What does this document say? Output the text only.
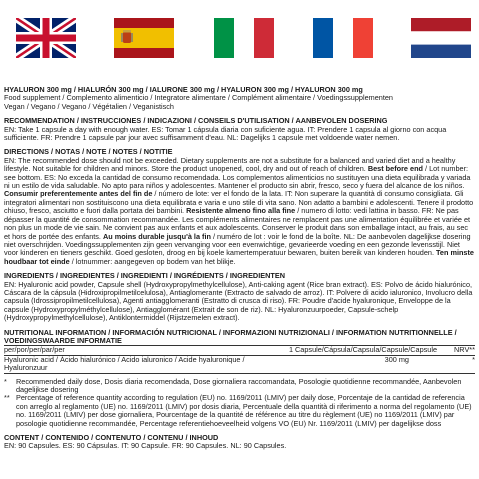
HYALURON 300 mg / HIALURÓN 300 mg / IALURONE 300 mg / HYALURON 300 mg / HYALURON 300 mg

Food supplement / Complemento alimenticio / Integratore alimentare / Complément alimentaire / Voedingssupplementen

Vegan / Vegano / Vegano / Végétalien / Veganistisch

RECOMMENDATION / INSTRUCCIONES / INDICAZIONI / CONSEILS D'UTILISATION / AANBEVOLEN DOSERING

EN: Take 1 capsule a day with enough water. ES: Tomar 1 cápsula diaria con suficiente agua. IT: Prendere 1 capsula al giorno con acqua sufficiente. FR: Prendre 1 capsule par jour avec suffisamment d'eau. NL: Dagelijks 1 capsule met voldoende water nemen.

DIRECTIONS / NOTAS / NOTE / NOTES / NOTITIE

EN: The recommended dose should not be exceeded. Dietary supplements are not a substitute for a balanced and varied diet and a healthy lifestyle. Not suitable for children and minors. Store the product unopened, cool, dry and out of reach of children. Best before end / Lot number: see bottom. ES: No exceda la cantidad de consumo recomendada. Los complementos alimenticios no sustituyen una dieta equilibrada y variada ni un estilo de vida saludable. No apto para niños y adolescentes. Mantener el producto sin abrir, fresco, seco y fuera del alcance de los niños. Consumir preferentemente antes del fin de / número de lote: ver el fondo de la lata. IT: Non superare la quantità di consumo consigliata. Gli integratori alimentari non sostituiscono una dieta equilibrata e varia e uno stile di vita sano. Non adatto a bambini e adolescenti. Tenere il prodotto chiuso, fresco, asciutto e fuori dalla portata dei bambini. Resistente almeno fino alla fine / numero di lotto: vedi lattina in basso. FR: Ne pas dépasser la quantité de consommation recommandée. Les compléments alimentaires ne remplacent pas une alimentation équilibrée et variée et non plus un mode de vie sain. Ne convient pas aux enfants et aux adolescents. Conserver le produit dans son emballage intact, au frais, au sec et hors de portée des enfants. Au moins durable jusqu'à la fin / numéro de lot : voir le fond de la boîte. NL: De aanbevolen dagelijkse dosering niet overschrijden. Voedingssupplementen zijn geen vervanging voor een evenwichtige, gevarieerde voeding en een gezonde levensstijl. Niet voor kinderen en tieners geschikt. Goed gesloten, droog en bij koele kamertemperatuur bewaren, buiten bereik van kinderen houden. Ten minste houdbaar tot einde / lotnummer: aangegeven op bodem van het blikje.

INGREDIENTS / INGREDIENTES / INGREDIENTI / INGRÉDIENTS / INGREDIENTEN

EN: Hyaluronic acid powder, Capsule shell (Hydroxypropylmethylcellulose), Anti-caking agent (Rice bran extract). ES: Polvo de ácido hialurónico, Cáscara de la cápsula (Hidroxipropilmetilcelulosa), Antiaglomerante (Extracto de salvado de arroz). IT: Polvere di acido ialuronico, Involucro della capsula (Idrossipropilmetilcellulosa), Agenti antiagglomeranti (Estratto di crusca di riso). FR: Poudre d'acide hyaluronique, Enveloppe de la capsule (Hydroxypropylméthylcellulose), Antiagglomérant (Extrait de son de riz). NL: Hyaluronzuurpoeder, Capsule-schelp (Hydroxypropylmethylcellulose), Antiklontermiddel (Rijstzemelen extract).

NUTRITIONAL INFORMATION / INFORMACIÓN NUTRICIONAL / INFORMAZIONI NUTRIZIONALI / INFORMATION NUTRITIONNELLE / VOEDINGSWAARDE INFORMATIE

per/por/per/par/per	1 Capsule/Cápsula/Capsula/Capsule/Capsule	NRV**
Hyaluronic acid / Ácido hialurónico / Acido ialuronico / Acide hyaluronique / Hyaluronzuur	300 mg	*
*	Recommended daily dose, Dosis diaria recomendada, Dose giornaliera raccomandata, Posologie quotidienne recommandée, Aanbevolen dagelijkse dosering
** Percentage of reference quantity according to regulation (EU) no. 1169/2011 (LMIV) per daily dose, Porcentaje de la cantidad de referencia con arreglo al reglamento (UE) no. 1169/2011 (LMIV) por dosis diaria, Percentuale della quantità di riferimento a norma del regolamento (UE) no. 1169/2011 (LMIV) per dose giornaliera, Pourcentage de la quantité de référence au titre du règlement (UE) no 1169/2011 (LMIV) par posologie quotidienne recommandée, Percentage referentiehoeveelheid volgens VO (EU) Nr. 1169/2011 (LMIV) per dagelijkse doss

CONTENT / CONTENIDO / CONTENUTO / CONTENU / INHOUD

EN: 90 Capsules. ES: 90 Cápsulas. IT: 90 Capsule. FR: 90 Capsules. NL: 90 Capsules.
